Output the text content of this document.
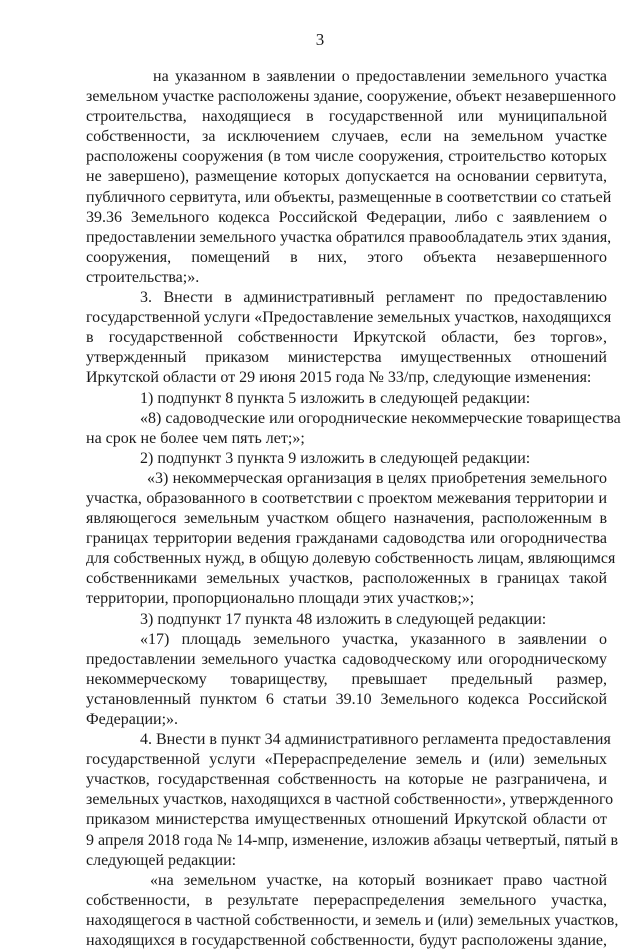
3
на указанном в заявлении о предоставлении земельного участка
земельном участке расположены здание, сооружение, объект незавершенного
строительства, находящиеся в государственной или муниципальной
собственности, за исключением случаев, если на земельном участке
расположены сооружения (в том числе сооружения, строительство которых
не завершено), размещение которых допускается на основании сервитута,
публичного сервитута, или объекты, размещенные в соответствии со статьей
39.36 Земельного кодекса Российской Федерации, либо с заявлением о
предоставлении земельного участка обратился правообладатель этих здания,
сооружения, помещений в них, этого объекта незавершенного
строительства;».
3. Внести в административный регламент по предоставлению
государственной услуги «Предоставление земельных участков, находящихся
в государственной собственности Иркутской области, без торгов»,
утвержденный приказом министерства имущественных отношений
Иркутской области от 29 июня 2015 года № 33/пр, следующие изменения:
1) подпункт 8 пункта 5 изложить в следующей редакции:
«8) садоводческие или огороднические некоммерческие товарищества
на срок не более чем пять лет;»;
2) подпункт 3 пункта 9 изложить в следующей редакции:
«3) некоммерческая организация в целях приобретения земельного
участка, образованного в соответствии с проектом межевания территории и
являющегося земельным участком общего назначения, расположенным в
границах территории ведения гражданами садоводства или огородничества
для собственных нужд, в общую долевую собственность лицам, являющимся
собственниками земельных участков, расположенных в границах такой
территории, пропорционально площади этих участков;»;
3) подпункт 17 пункта 48 изложить в следующей редакции:
«17) площадь земельного участка, указанного в заявлении о
предоставлении земельного участка садоводческому или огородническому
некоммерческому товариществу, превышает предельный размер,
установленный пунктом 6 статьи 39.10 Земельного кодекса Российской
Федерации;».
4. Внести в пункт 34 административного регламента предоставления
государственной услуги «Перераспределение земель и (или) земельных
участков, государственная собственность на которые не разграничена, и
земельных участков, находящихся в частной собственности», утвержденного
приказом министерства имущественных отношений Иркутской области от
9 апреля 2018 года № 14-мпр, изменение, изложив абзацы четвертый, пятый в
следующей редакции:
«на земельном участке, на который возникает право частной
собственности, в результате перераспределения земельного участка,
находящегося в частной собственности, и земель и (или) земельных участков,
находящихся в государственной собственности, будут расположены здание,
